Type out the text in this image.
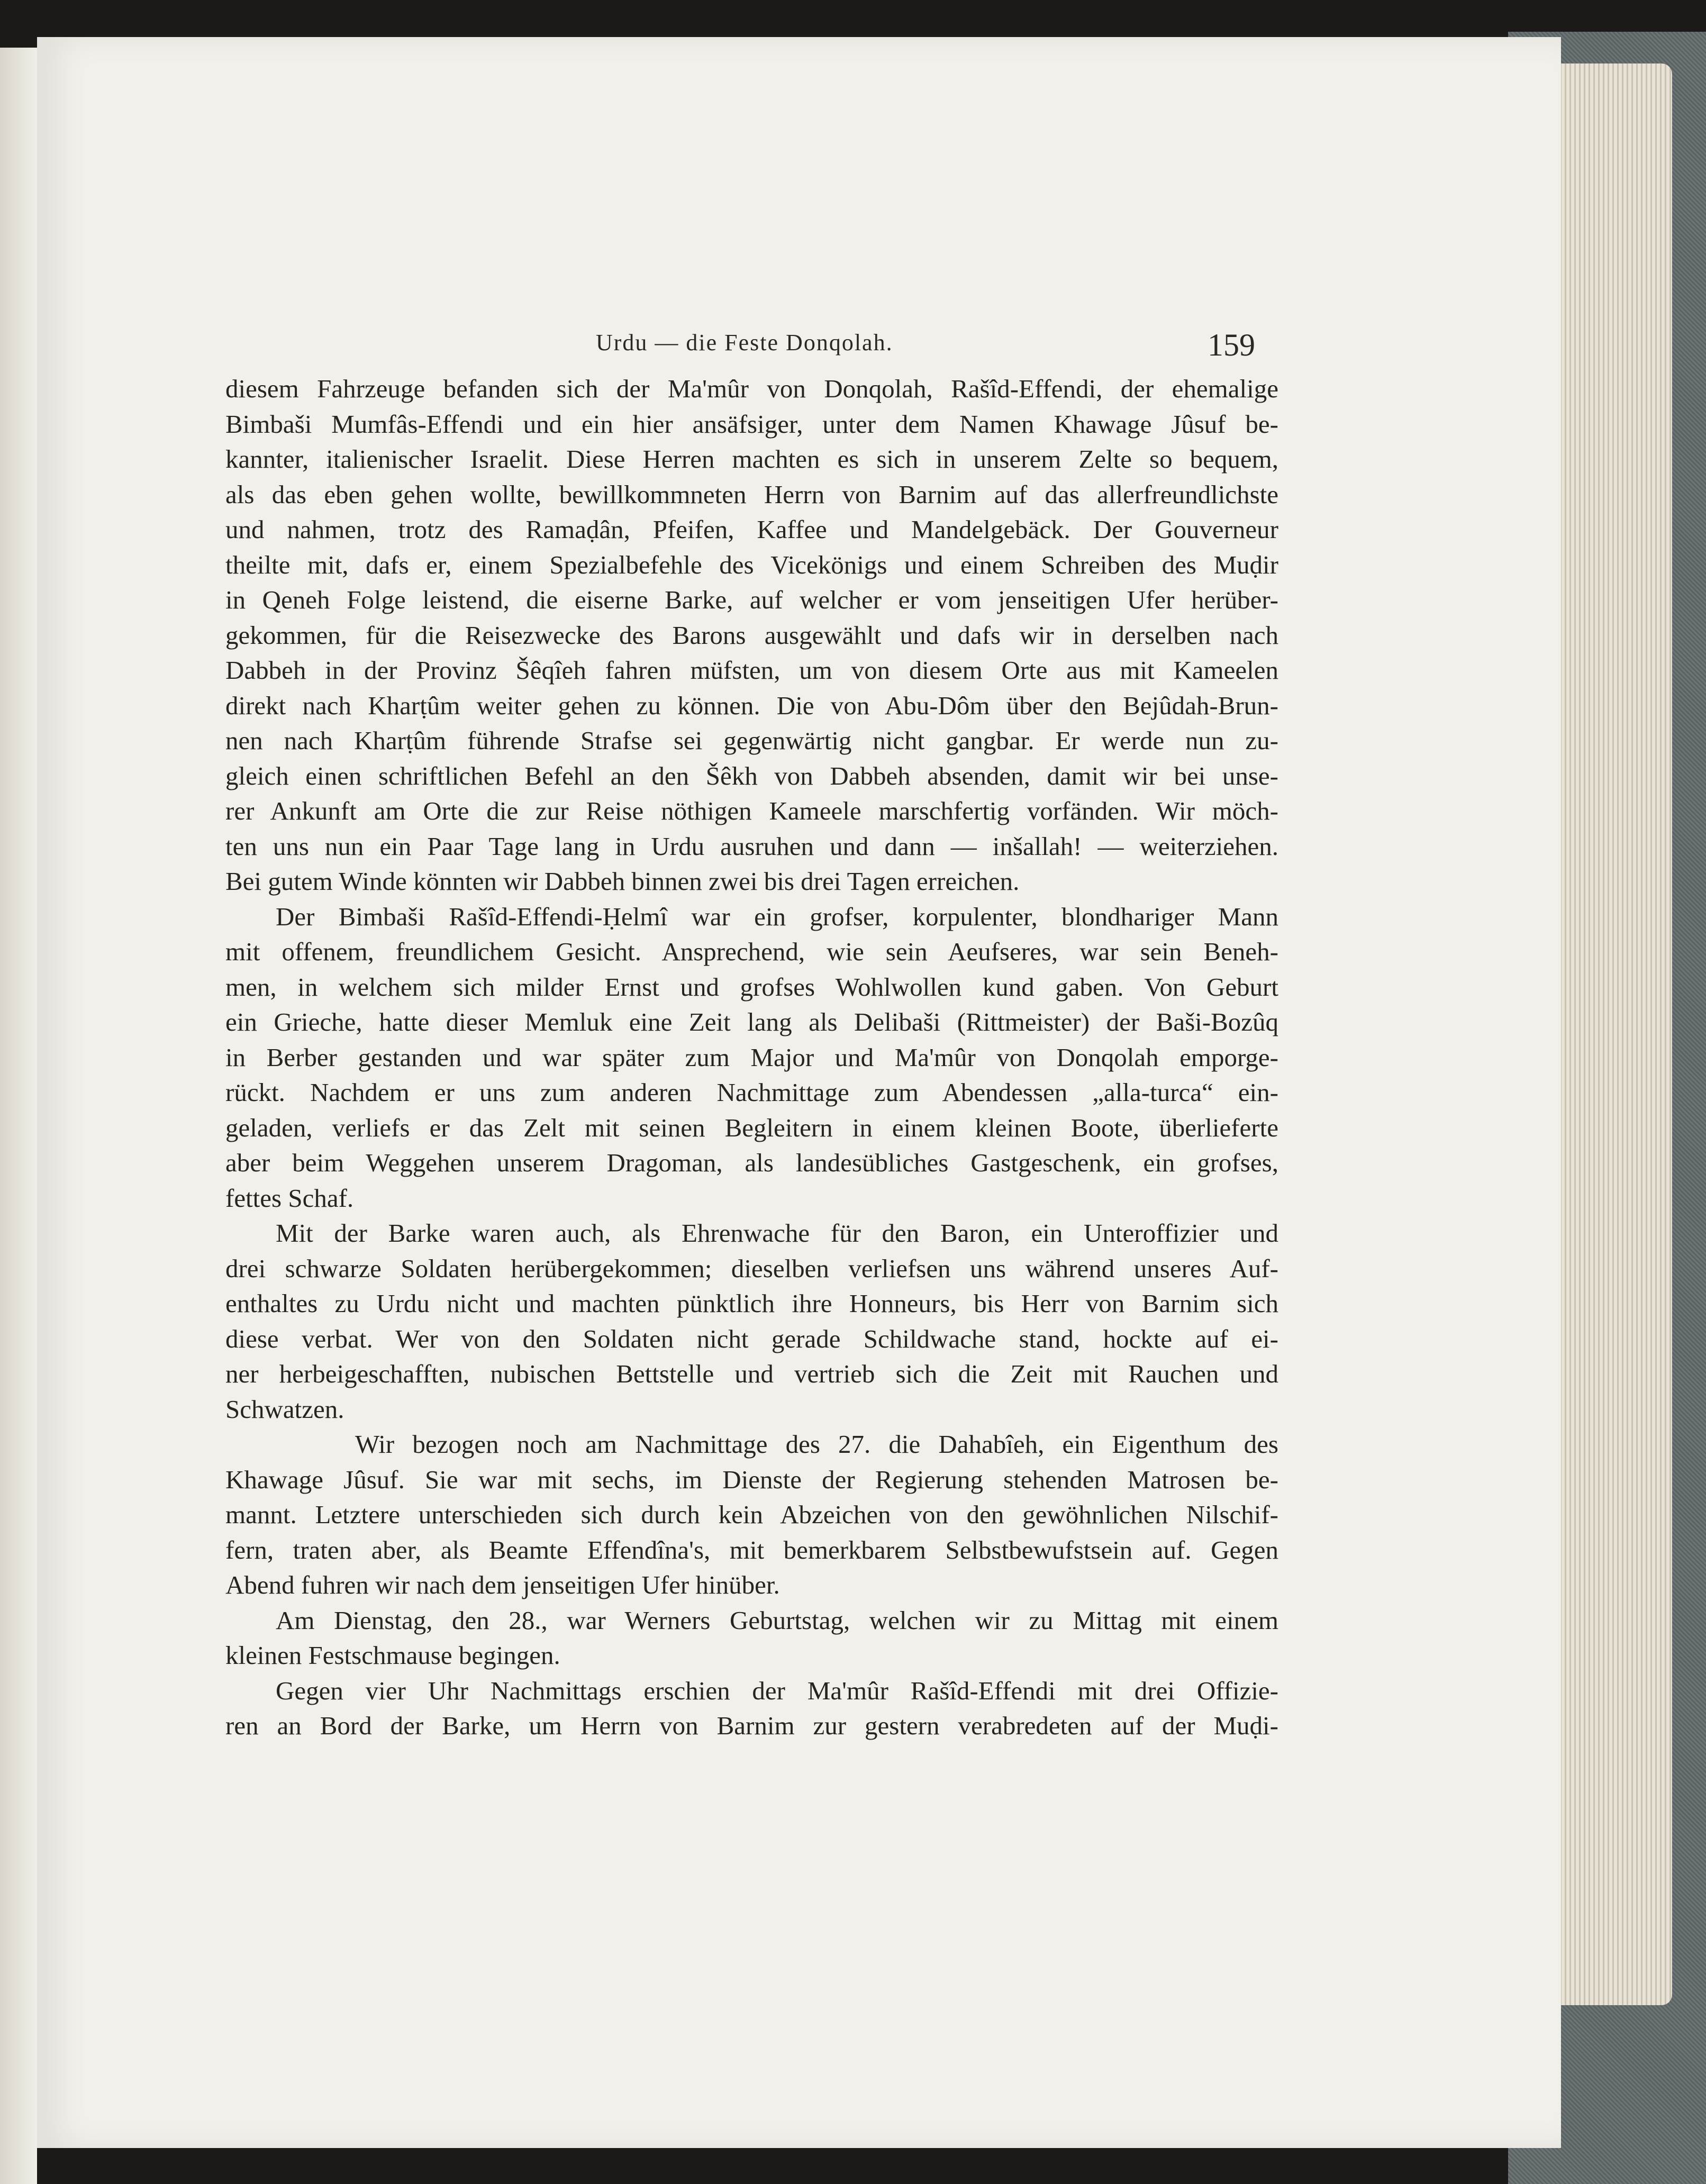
Urdu — die Feste Donqolah.	159
diesem Fahrzeuge befanden sich der Ma'mûr von Donqolah, Rašîd-Effendi, der ehemalige
Bimbaši Mumfâs-Effendi und ein hier ansäfsiger, unter dem Namen Khawage Jûsuf be-
kannter, italienischer Israelit. Diese Herren machten es sich in unserem Zelte so bequem,
als das eben gehen wollte, bewillkommneten Herrn von Barnim auf das allerfreundlichste
und nahmen, trotz des Ramaḍân, Pfeifen, Kaffee und Mandelgebäck. Der Gouverneur
theilte mit, dafs er, einem Spezialbefehle des Vicekönigs und einem Schreiben des Muḍir
in Qeneh Folge leistend, die eiserne Barke, auf welcher er vom jenseitigen Ufer herüber-
gekommen, für die Reisezwecke des Barons ausgewählt und dafs wir in derselben nach
Dabbeh in der Provinz Šêqîeh fahren müfsten, um von diesem Orte aus mit Kameelen
direkt nach Kharṭûm weiter gehen zu können. Die von Abu-Dôm über den Bejûdah-Brun-
nen nach Kharṭûm führende Strafse sei gegenwärtig nicht gangbar. Er werde nun zu-
gleich einen schriftlichen Befehl an den Šêkh von Dabbeh absenden, damit wir bei unse-
rer Ankunft am Orte die zur Reise nöthigen Kameele marschfertig vorfänden. Wir möch-
ten uns nun ein Paar Tage lang in Urdu ausruhen und dann — inšallah! — weiterziehen.
Bei gutem Winde könnten wir Dabbeh binnen zwei bis drei Tagen erreichen.
Der Bimbaši Rašîd-Effendi-Ḥelmî war ein grofser, korpulenter, blondhariger Mann
mit offenem, freundlichem Gesicht. Ansprechend, wie sein Aeufseres, war sein Beneh-
men, in welchem sich milder Ernst und grofses Wohlwollen kund gaben. Von Geburt
ein Grieche, hatte dieser Memluk eine Zeit lang als Delibaši (Rittmeister) der Baši-Bozûq
in Berber gestanden und war später zum Major und Ma'mûr von Donqolah emporge-
rückt. Nachdem er uns zum anderen Nachmittage zum Abendessen „alla-turca“ ein-
geladen, verliefs er das Zelt mit seinen Begleitern in einem kleinen Boote, überlieferte
aber beim Weggehen unserem Dragoman, als landesübliches Gastgeschenk, ein grofses,
fettes Schaf.
Mit der Barke waren auch, als Ehrenwache für den Baron, ein Unteroffizier und
drei schwarze Soldaten herübergekommen; dieselben verliefsen uns während unseres Auf-
enthaltes zu Urdu nicht und machten pünktlich ihre Honneurs, bis Herr von Barnim sich
diese verbat. Wer von den Soldaten nicht gerade Schildwache stand, hockte auf ei-
ner herbeigeschafften, nubischen Bettstelle und vertrieb sich die Zeit mit Rauchen und
Schwatzen.
Wir bezogen noch am Nachmittage des 27. die Dahabîeh, ein Eigenthum des
Khawage Jûsuf. Sie war mit sechs, im Dienste der Regierung stehenden Matrosen be-
mannt. Letztere unterschieden sich durch kein Abzeichen von den gewöhnlichen Nilschif-
fern, traten aber, als Beamte Effendîna's, mit bemerkbarem Selbstbewufstsein auf. Gegen
Abend fuhren wir nach dem jenseitigen Ufer hinüber.
Am Dienstag, den 28., war Werners Geburtstag, welchen wir zu Mittag mit einem
kleinen Festschmause begingen.
Gegen vier Uhr Nachmittags erschien der Ma'mûr Rašîd-Effendi mit drei Offizie-
ren an Bord der Barke, um Herrn von Barnim zur gestern verabredeten auf der Muḍi-
